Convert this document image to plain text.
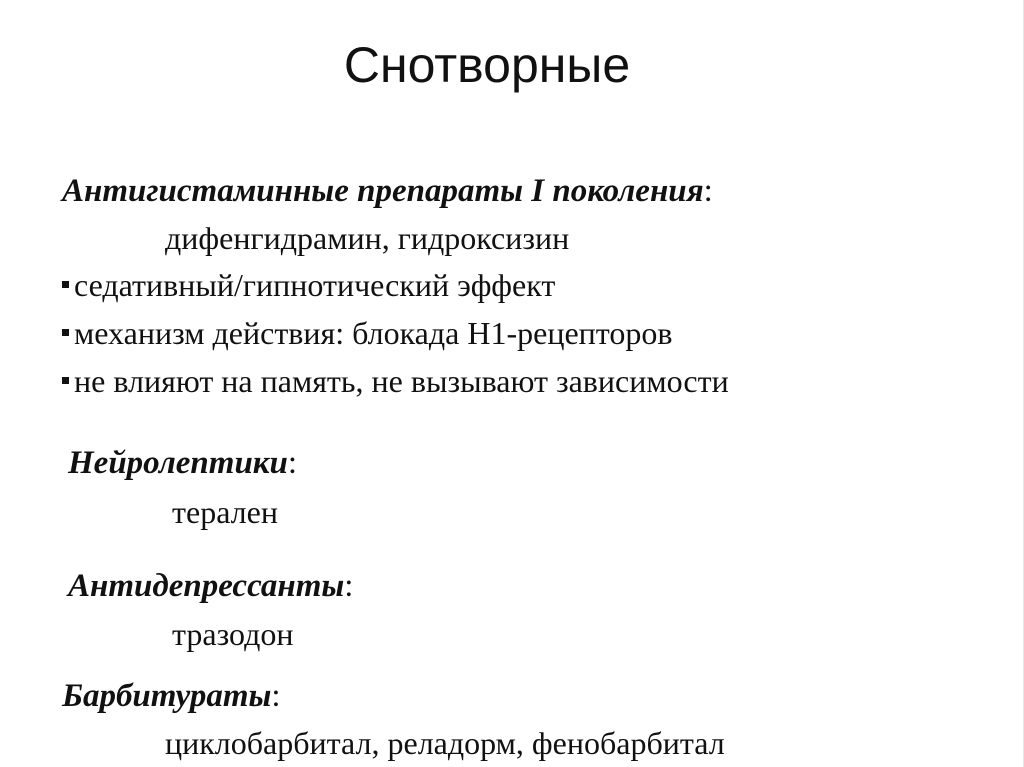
Снотворные
Антигистаминные препараты I поколения:
дифенгидрамин, гидроксизин
седативный/гипнотический эффект
механизм действия: блокада H1-рецепторов
не влияют на память, не вызывают зависимости
Нейролептики:
тералeн
Антидепрессанты:
тразодон
Барбитураты:
циклобарбитал, реладорм, фенобарбитал
